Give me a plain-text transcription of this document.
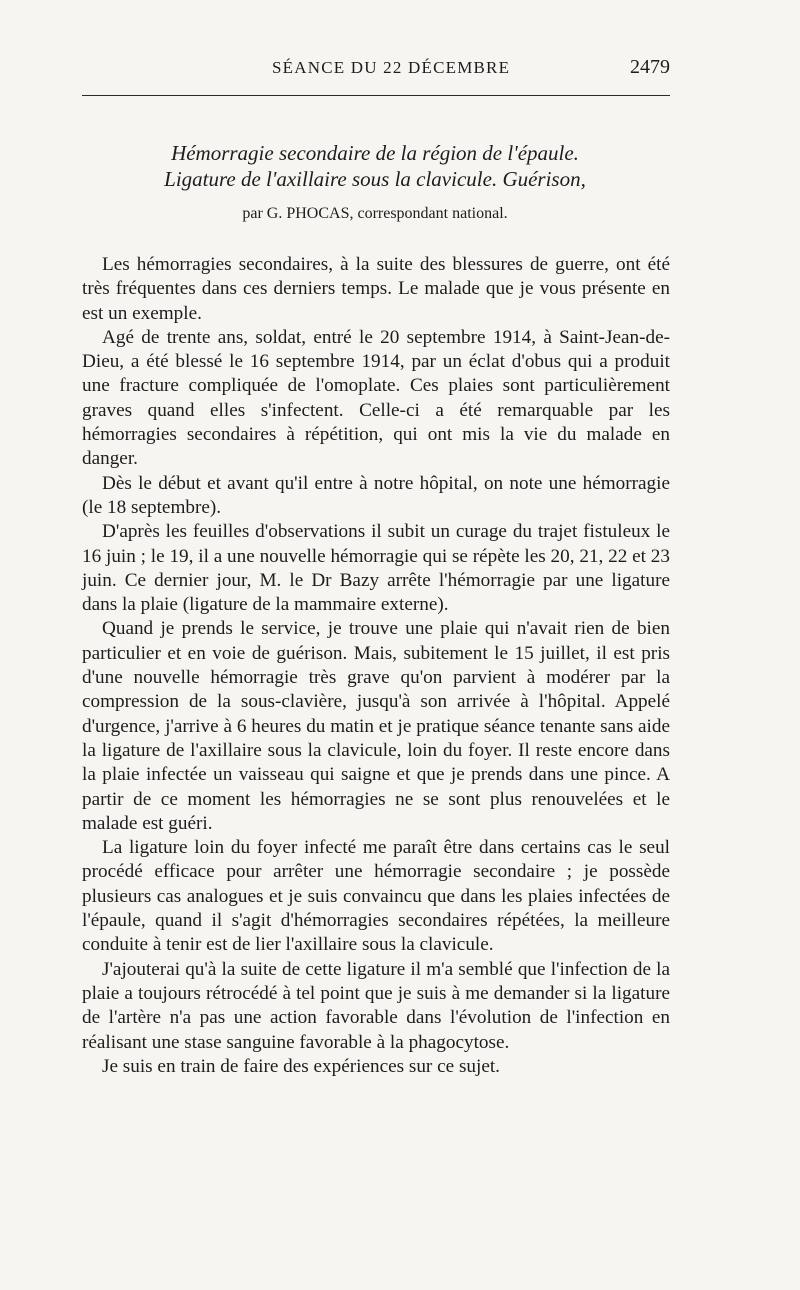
SÉANCE DU 22 DÉCEMBRE	2479
Hémorragie secondaire de la région de l'épaule.
Ligature de l'axillaire sous la clavicule. Guérison,
par G. PHOCAS, correspondant national.

Les hémorragies secondaires, à la suite des blessures de guerre, ont été très fréquentes dans ces derniers temps. Le malade que je vous présente en est un exemple.

Agé de trente ans, soldat, entré le 20 septembre 1914, à Saint-Jean-de-Dieu, a été blessé le 16 septembre 1914, par un éclat d'obus qui a produit une fracture compliquée de l'omoplate. Ces plaies sont particulièrement graves quand elles s'infectent. Celle-ci a été remarquable par les hémorragies secondaires à répétition, qui ont mis la vie du malade en danger.

Dès le début et avant qu'il entre à notre hôpital, on note une hémorragie (le 18 septembre).

D'après les feuilles d'observations il subit un curage du trajet fistuleux le 16 juin ; le 19, il a une nouvelle hémorragie qui se répète les 20, 21, 22 et 23 juin. Ce dernier jour, M. le Dr Bazy arrête l'hémorragie par une ligature dans la plaie (ligature de la mammaire externe).

Quand je prends le service, je trouve une plaie qui n'avait rien de bien particulier et en voie de guérison. Mais, subitement le 15 juillet, il est pris d'une nouvelle hémorragie très grave qu'on parvient à modérer par la compression de la sous-clavière, jusqu'à son arrivée à l'hôpital. Appelé d'urgence, j'arrive à 6 heures du matin et je pratique séance tenante sans aide la ligature de l'axillaire sous la clavicule, loin du foyer. Il reste encore dans la plaie infectée un vaisseau qui saigne et que je prends dans une pince. A partir de ce moment les hémorragies ne se sont plus renouvelées et le malade est guéri.

La ligature loin du foyer infecté me paraît être dans certains cas le seul procédé efficace pour arrêter une hémorragie secondaire ; je possède plusieurs cas analogues et je suis convaincu que dans les plaies infectées de l'épaule, quand il s'agit d'hémorragies secondaires répétées, la meilleure conduite à tenir est de lier l'axillaire sous la clavicule.

J'ajouterai qu'à la suite de cette ligature il m'a semblé que l'infection de la plaie a toujours rétrocédé à tel point que je suis à me demander si la ligature de l'artère n'a pas une action favorable dans l'évolution de l'infection en réalisant une stase sanguine favorable à la phagocytose.

Je suis en train de faire des expériences sur ce sujet.
